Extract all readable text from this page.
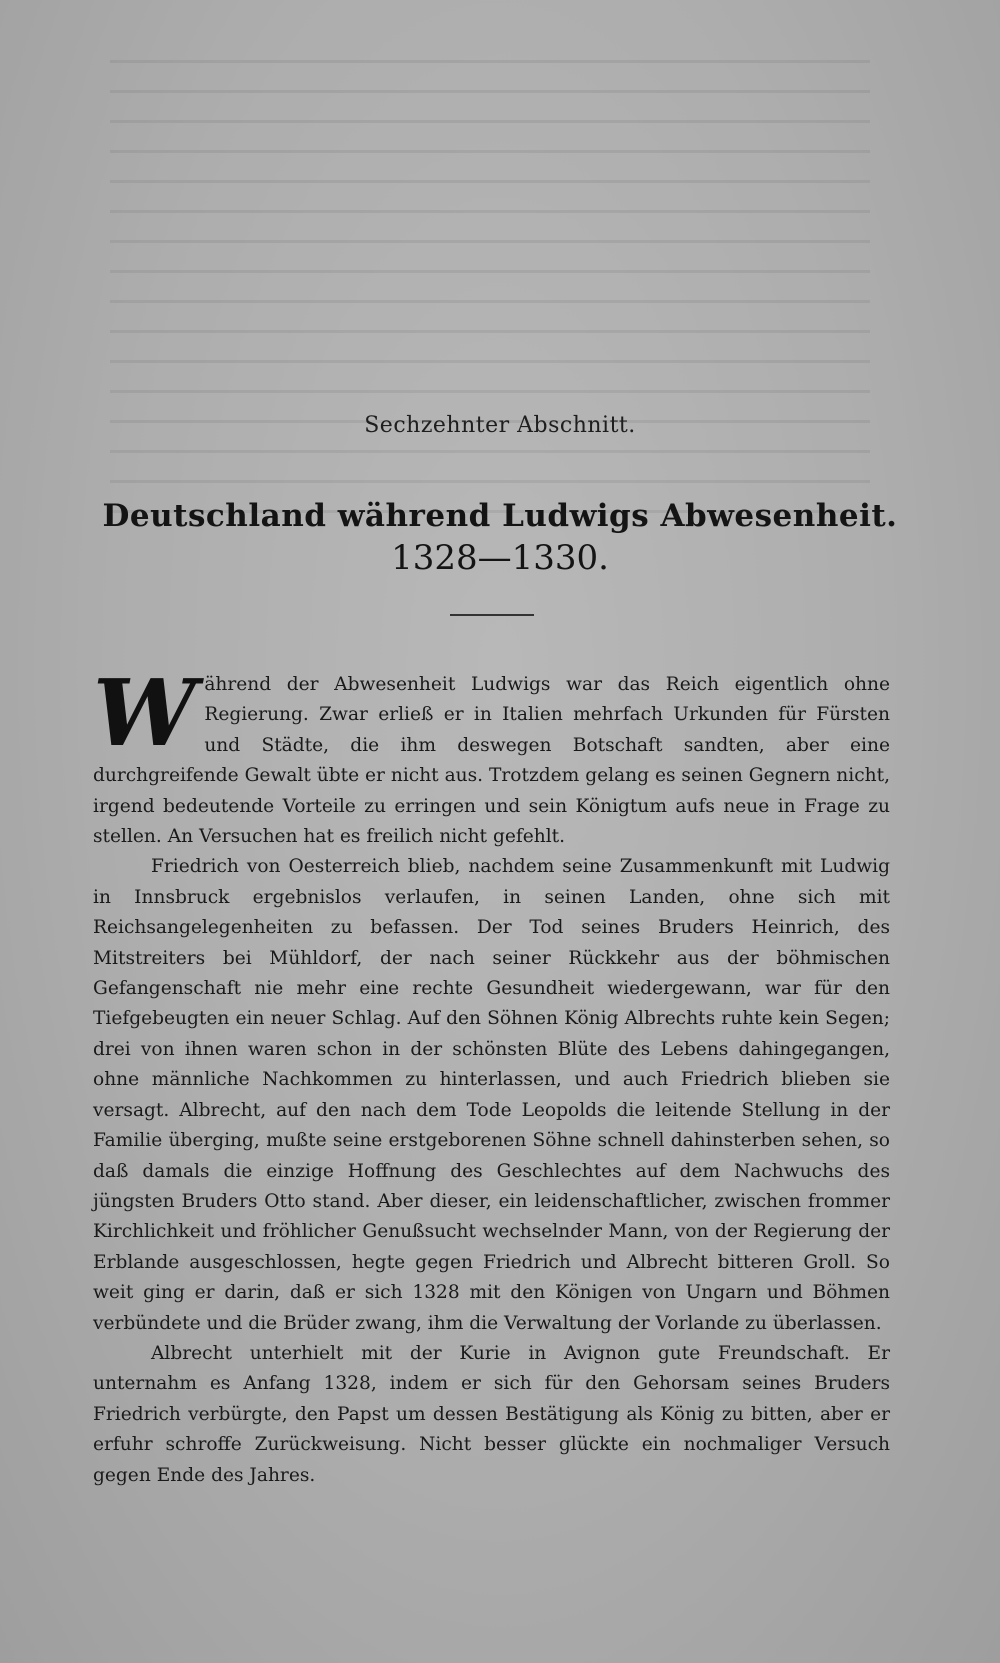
Sechzehnter Abschnitt.
Deutschland während Ludwigs Abwesenheit.
1328—1330.

Während der Abwesenheit Ludwigs war das Reich eigentlich ohne Regierung. Zwar erließ er in Italien mehrfach Urkunden für Fürsten und Städte, die ihm deswegen Botschaft sandten, aber eine durchgreifende Gewalt übte er nicht aus. Trotzdem gelang es seinen Gegnern nicht, irgend bedeutende Vorteile zu erringen und sein Königtum aufs neue in Frage zu stellen. An Versuchen hat es freilich nicht gefehlt.

Friedrich von Oesterreich blieb, nachdem seine Zusammenkunft mit Ludwig in Innsbruck ergebnislos verlaufen, in seinen Landen, ohne sich mit Reichsangelegenheiten zu befassen. Der Tod seines Bruders Heinrich, des Mitstreiters bei Mühldorf, der nach seiner Rückkehr aus der böhmischen Gefangenschaft nie mehr eine rechte Gesundheit wiedergewann, war für den Tiefgebeugten ein neuer Schlag. Auf den Söhnen König Albrechts ruhte kein Segen; drei von ihnen waren schon in der schönsten Blüte des Lebens dahingegangen, ohne männliche Nachkommen zu hinterlassen, und auch Friedrich blieben sie versagt. Albrecht, auf den nach dem Tode Leopolds die leitende Stellung in der Familie überging, mußte seine erstgeborenen Söhne schnell dahinsterben sehen, so daß damals die einzige Hoffnung des Geschlechtes auf dem Nachwuchs des jüngsten Bruders Otto stand. Aber dieser, ein leidenschaftlicher, zwischen frommer Kirchlichkeit und fröhlicher Genußsucht wechselnder Mann, von der Regierung der Erblande ausgeschlossen, hegte gegen Friedrich und Albrecht bitteren Groll. So weit ging er darin, daß er sich 1328 mit den Königen von Ungarn und Böhmen verbündete und die Brüder zwang, ihm die Verwaltung der Vorlande zu überlassen.

Albrecht unterhielt mit der Kurie in Avignon gute Freundschaft. Er unternahm es Anfang 1328, indem er sich für den Gehorsam seines Bruders Friedrich verbürgte, den Papst um dessen Bestätigung als König zu bitten, aber er erfuhr schroffe Zurückweisung. Nicht besser glückte ein nochmaliger Versuch gegen Ende des Jahres.
